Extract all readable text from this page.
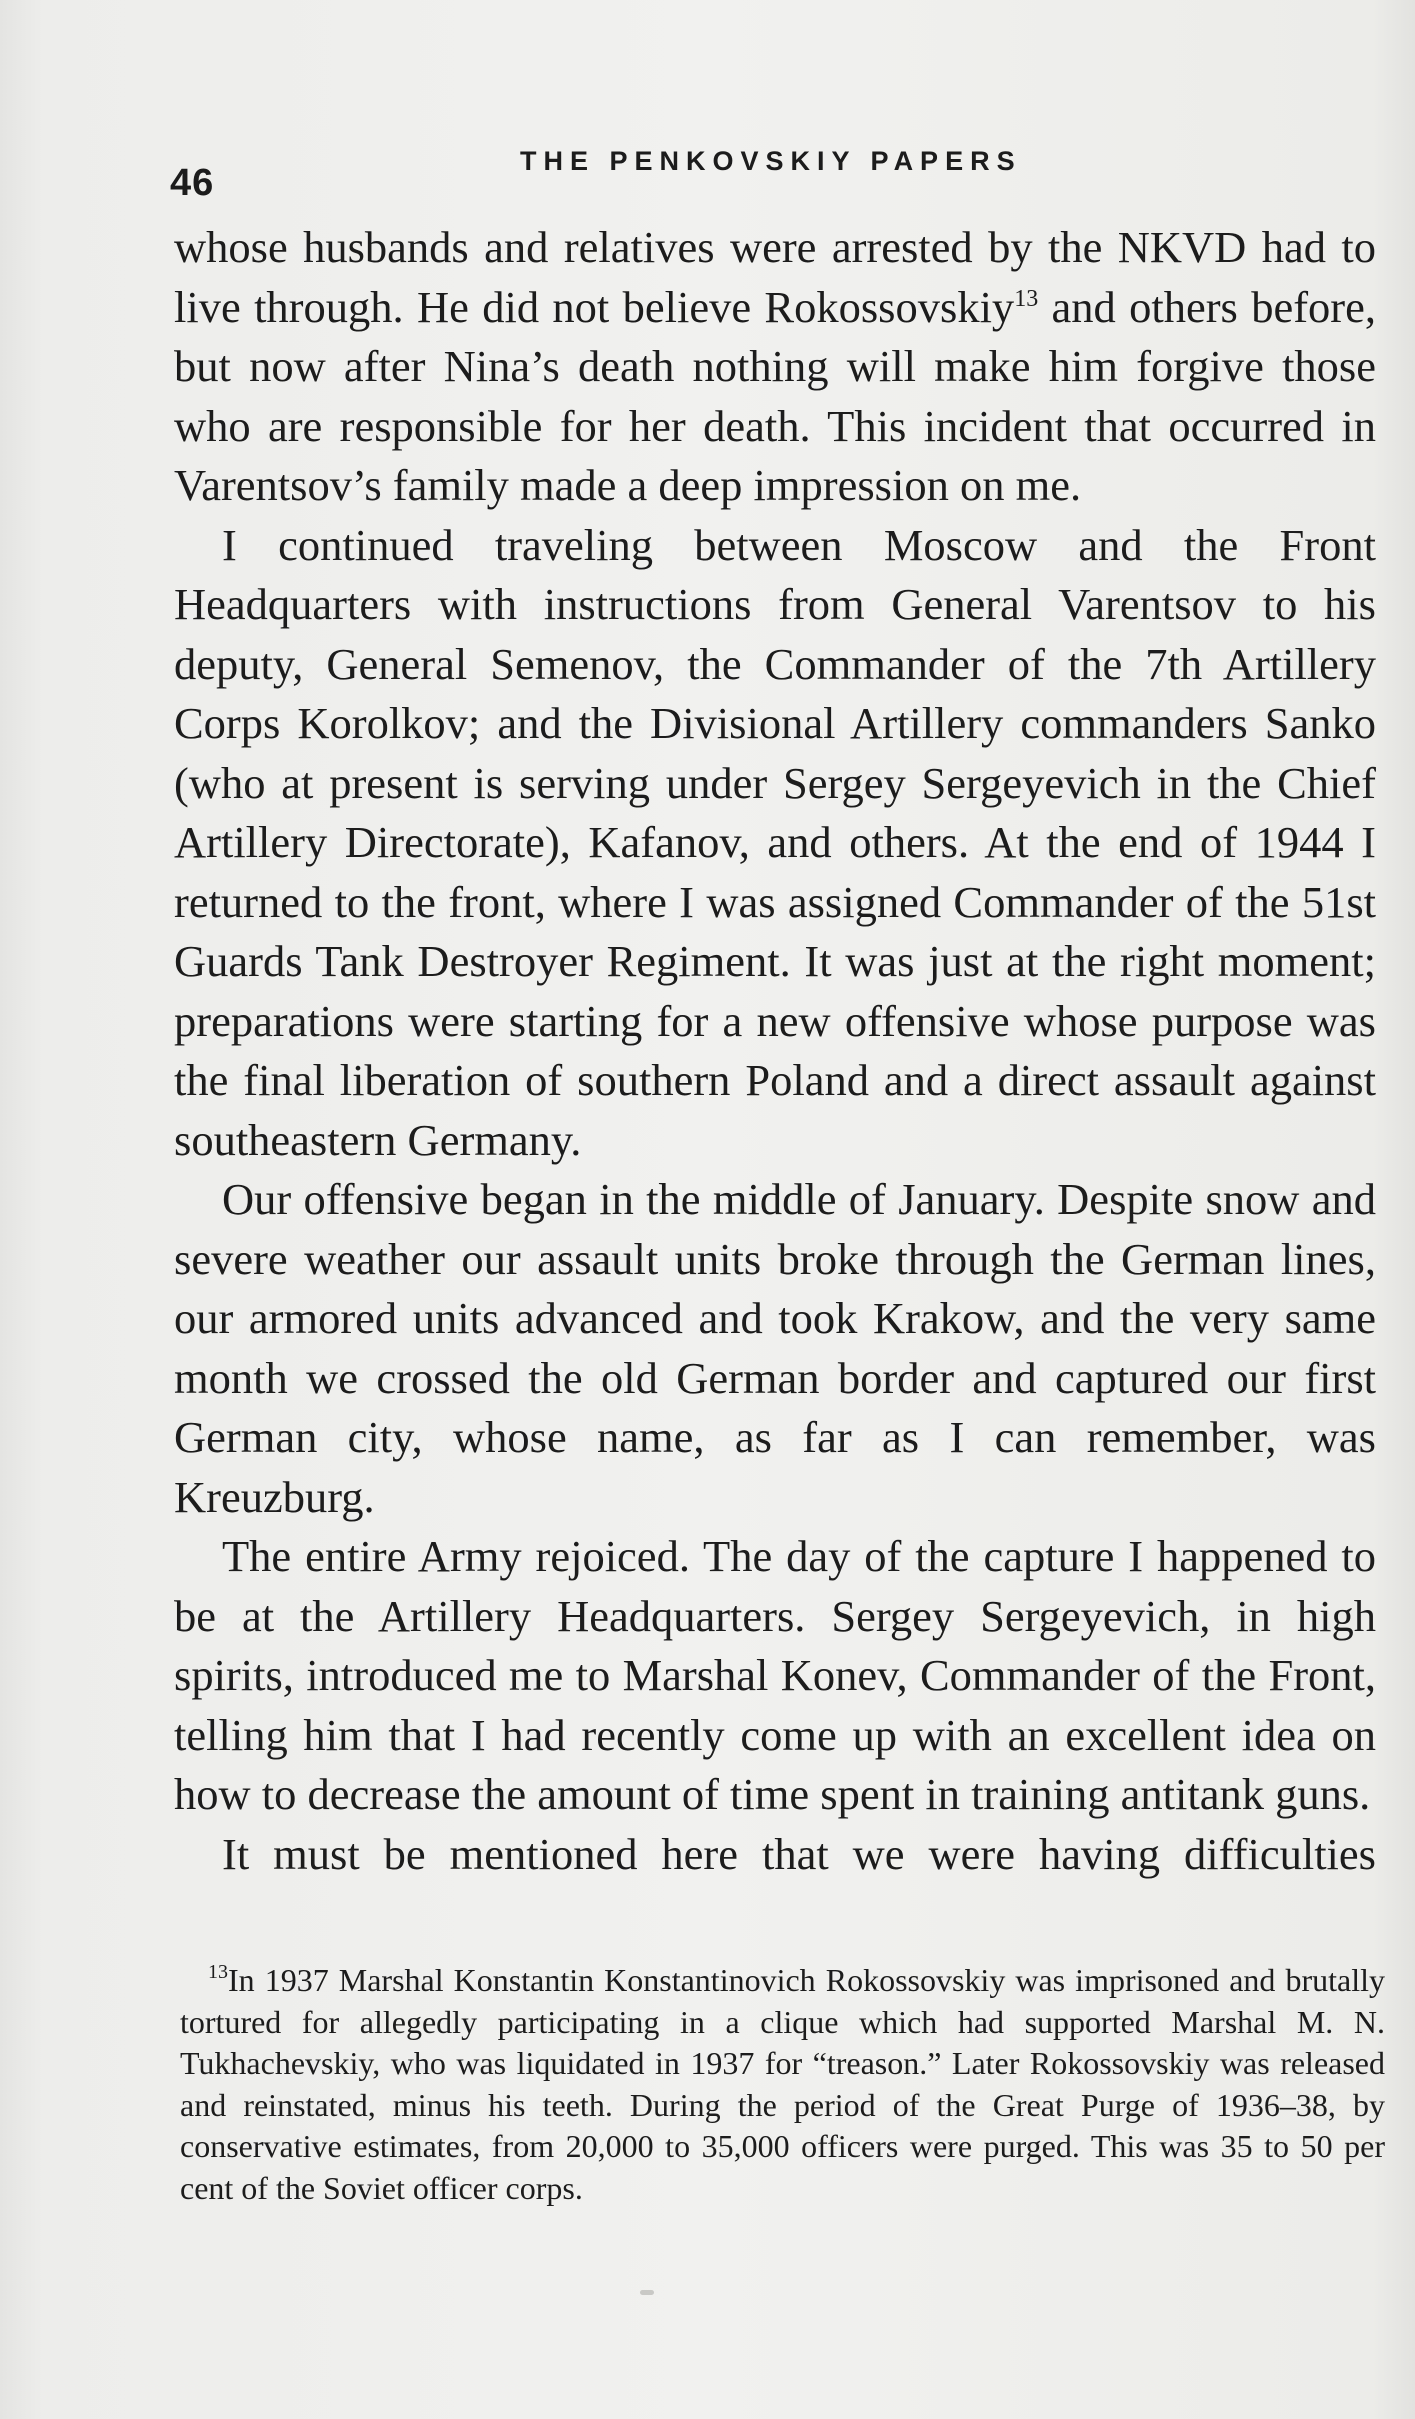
46
THE PENKOVSKIY PAPERS

whose husbands and relatives were arrested by the NKVD had to live through. He did not believe Rokossovskiy$^{13}$ and others before, but now after Nina’s death nothing will make him forgive those who are responsible for her death. This incident that occurred in Varentsov’s family made a deep impression on me.

I continued traveling between Moscow and the Front Headquarters with instructions from General Varentsov to his deputy, General Semenov, the Commander of the 7th Artillery Corps Korolkov; and the Divisional Artillery commanders Sanko (who at present is serving under Sergey Sergeyevich in the Chief Artillery Directorate), Kafanov, and others. At the end of 1944 I returned to the front, where I was assigned Commander of the 51st Guards Tank Destroyer Regiment. It was just at the right moment; preparations were starting for a new offensive whose purpose was the final liberation of southern Poland and a direct assault against southeastern Germany.

Our offensive began in the middle of January. Despite snow and severe weather our assault units broke through the German lines, our armored units advanced and took Krakow, and the very same month we crossed the old German border and captured our first German city, whose name, as far as I can remember, was Kreuzburg.

The entire Army rejoiced. The day of the capture I happened to be at the Artillery Headquarters. Sergey Sergeyevich, in high spirits, introduced me to Marshal Konev, Commander of the Front, telling him that I had recently come up with an excellent idea on how to decrease the amount of time spent in training antitank guns.

It must be mentioned here that we were having difficulties

$^{13}$In 1937 Marshal Konstantin Konstantinovich Rokossovskiy was imprisoned and brutally tortured for allegedly participating in a clique which had supported Marshal M. N. Tukhachevskiy, who was liquidated in 1937 for “treason.” Later Rokossovskiy was released and reinstated, minus his teeth. During the period of the Great Purge of 1936–38, by conservative estimates, from 20,000 to 35,000 officers were purged. This was 35 to 50 per cent of the Soviet officer corps.
